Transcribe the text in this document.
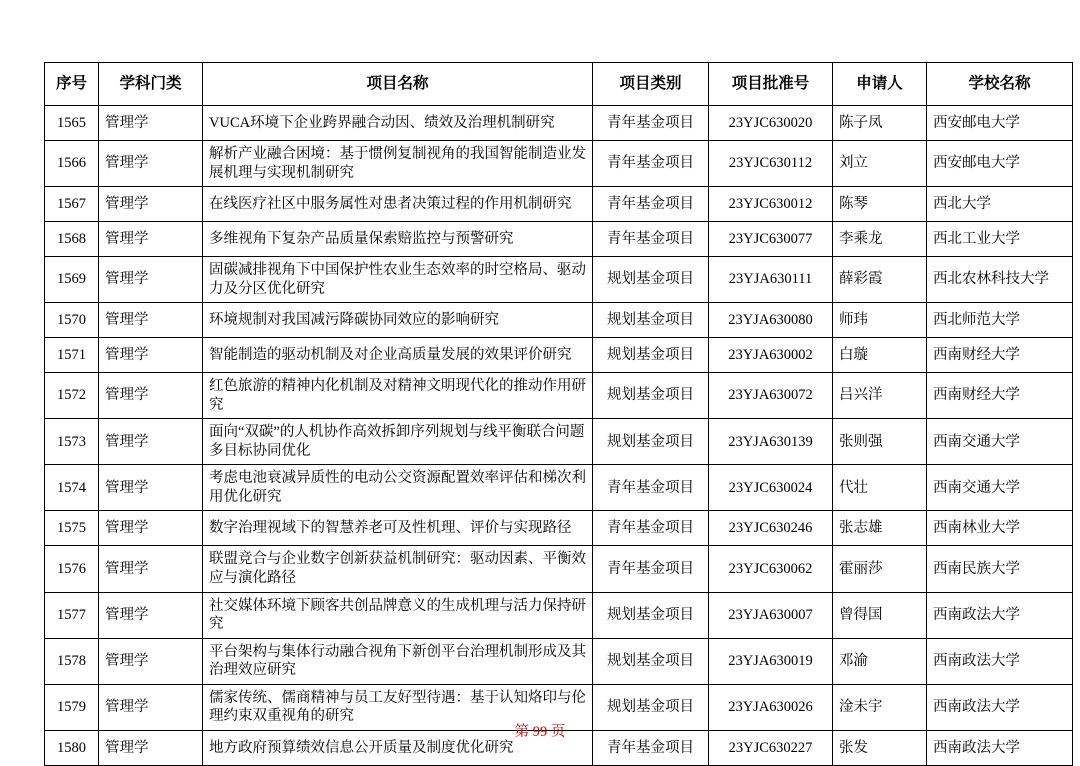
序号	学科门类	项目名称	项目类别	项目批准号	申请人	学校名称
1565	管理学	VUCA环境下企业跨界融合动因、绩效及治理机制研究	青年基金项目	23YJC630020	陈子凤	西安邮电大学
1566	管理学	解析产业融合困境：基于惯例复制视角的我国智能制造业发展机理与实现机制研究	青年基金项目	23YJC630112	刘立	西安邮电大学
1567	管理学	在线医疗社区中服务属性对患者决策过程的作用机制研究	青年基金项目	23YJC630012	陈琴	西北大学
1568	管理学	多维视角下复杂产品质量保索赔监控与预警研究	青年基金项目	23YJC630077	李乘龙	西北工业大学
1569	管理学	固碳减排视角下中国保护性农业生态效率的时空格局、驱动力及分区优化研究	规划基金项目	23YJA630111	薛彩霞	西北农林科技大学
1570	管理学	环境规制对我国减污降碳协同效应的影响研究	规划基金项目	23YJA630080	师玮	西北师范大学
1571	管理学	智能制造的驱动机制及对企业高质量发展的效果评价研究	规划基金项目	23YJA630002	白璇	西南财经大学
1572	管理学	红色旅游的精神内化机制及对精神文明现代化的推动作用研究	规划基金项目	23YJA630072	吕兴洋	西南财经大学
1573	管理学	面向“双碳”的人机协作高效拆卸序列规划与线平衡联合问题多目标协同优化	规划基金项目	23YJA630139	张则强	西南交通大学
1574	管理学	考虑电池衰减异质性的电动公交资源配置效率评估和梯次利用优化研究	青年基金项目	23YJC630024	代壮	西南交通大学
1575	管理学	数字治理视域下的智慧养老可及性机理、评价与实现路径	青年基金项目	23YJC630246	张志雄	西南林业大学
1576	管理学	联盟竞合与企业数字创新获益机制研究：驱动因素、平衡效应与演化路径	青年基金项目	23YJC630062	霍丽莎	西南民族大学
1577	管理学	社交媒体环境下顾客共创品牌意义的生成机理与活力保持研究	规划基金项目	23YJA630007	曾得国	西南政法大学
1578	管理学	平台架构与集体行动融合视角下新创平台治理机制形成及其治理效应研究	规划基金项目	23YJA630019	邓渝	西南政法大学
1579	管理学	儒家传统、儒商精神与员工友好型待遇：基于认知烙印与伦理约束双重视角的研究	规划基金项目	23YJA630026	淦未宇	西南政法大学
1580	管理学	地方政府预算绩效信息公开质量及制度优化研究	青年基金项目	23YJC630227	张发	西南政法大学
第 99 页
